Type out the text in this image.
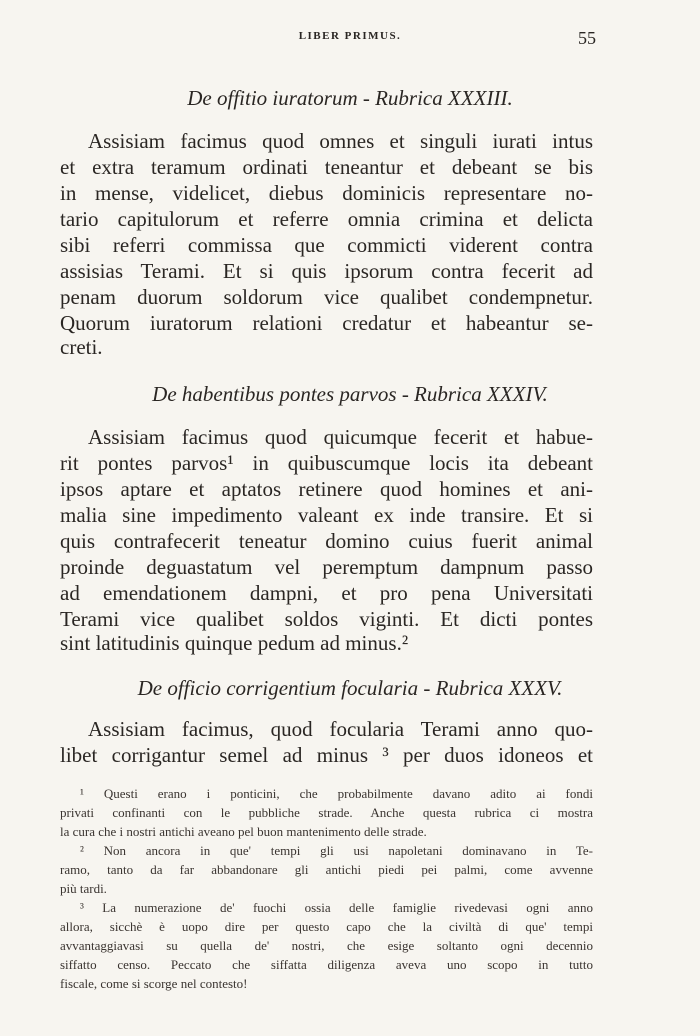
LIBER PRIMUS.	55
De offitio iuratorum - Rubrica XXXIII.
Assisiam facimus quod omnes et singuli iurati intus
et extra teramum ordinati teneantur et debeant se bis
in mense, videlicet, diebus dominicis representare no-
tario capitulorum et referre omnia crimina et delicta
sibi referri commissa que commicti viderent contra
assisias Terami. Et si quis ipsorum contra fecerit ad
penam duorum soldorum vice qualibet condempnetur.
Quorum iuratorum relationi credatur et habeantur se-
creti.
De habentibus pontes parvos - Rubrica XXXIV.
Assisiam facimus quod quicumque fecerit et habue-
rit pontes parvos¹ in quibuscumque locis ita debeant
ipsos aptare et aptatos retinere quod homines et ani-
malia sine impedimento valeant ex inde transire. Et si
quis contrafecerit teneatur domino cuius fuerit animal
proinde deguastatum vel peremptum dampnum passo
ad emendationem dampni, et pro pena Universitati
Terami vice qualibet soldos viginti. Et dicti pontes
sint latitudinis quinque pedum ad minus.²
De officio corrigentium focularia - Rubrica XXXV.
Assisiam facimus, quod focularia Terami anno quo-
libet corrigantur semel ad minus ³ per duos idoneos et
¹ Questi erano i ponticini, che probabilmente davano adito ai fondi
privati confinanti con le pubbliche strade. Anche questa rubrica ci mostra
la cura che i nostri antichi aveano pel buon mantenimento delle strade.
² Non ancora in que' tempi gli usi napoletani dominavano in Te-
ramo, tanto da far abbandonare gli antichi piedi pei palmi, come avvenne
più tardi.
³ La numerazione de' fuochi ossia delle famiglie rivedevasi ogni anno
allora, sicchè è uopo dire per questo capo che la civiltà di que' tempi
avvantaggiavasi su quella de' nostri, che esige soltanto ogni decennio
siffatto censo. Peccato che siffatta diligenza aveva uno scopo in tutto
fiscale, come si scorge nel contesto!
